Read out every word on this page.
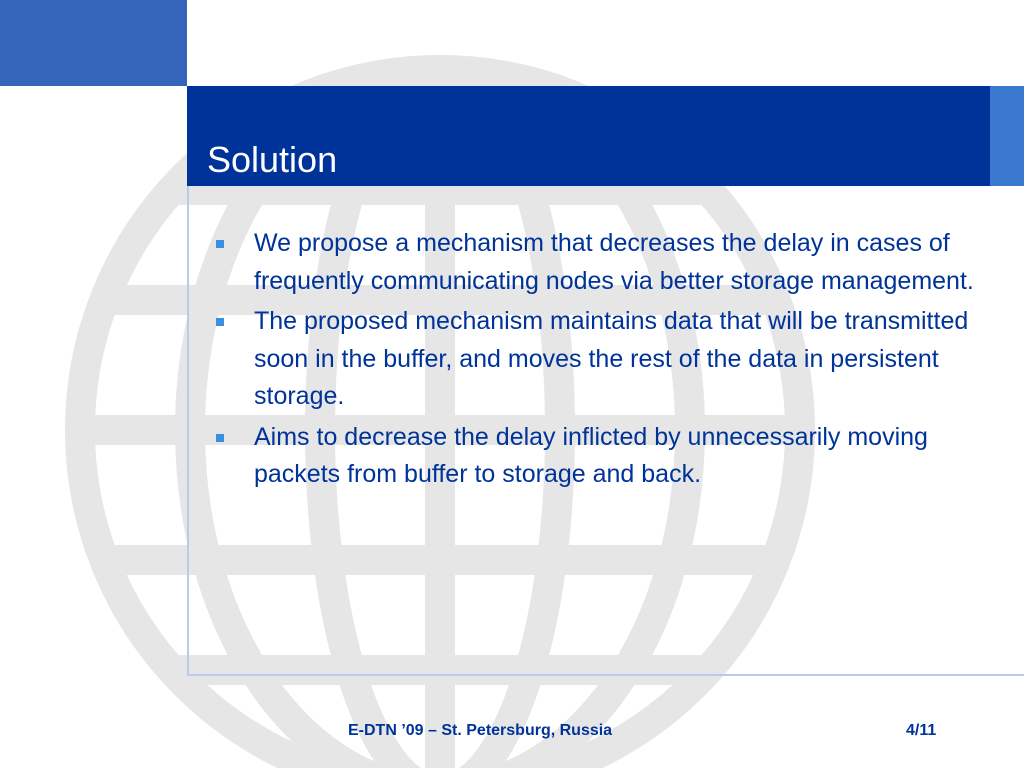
Solution
We propose a mechanism that decreases the delay in cases of frequently communicating nodes via better storage management.
The proposed mechanism maintains data that will be transmitted soon in the buffer, and moves the rest of the data in persistent storage.
Aims to decrease the delay inflicted by unnecessarily moving packets from buffer to storage and back.
E-DTN ’09 – St. Petersburg, Russia	4/11
